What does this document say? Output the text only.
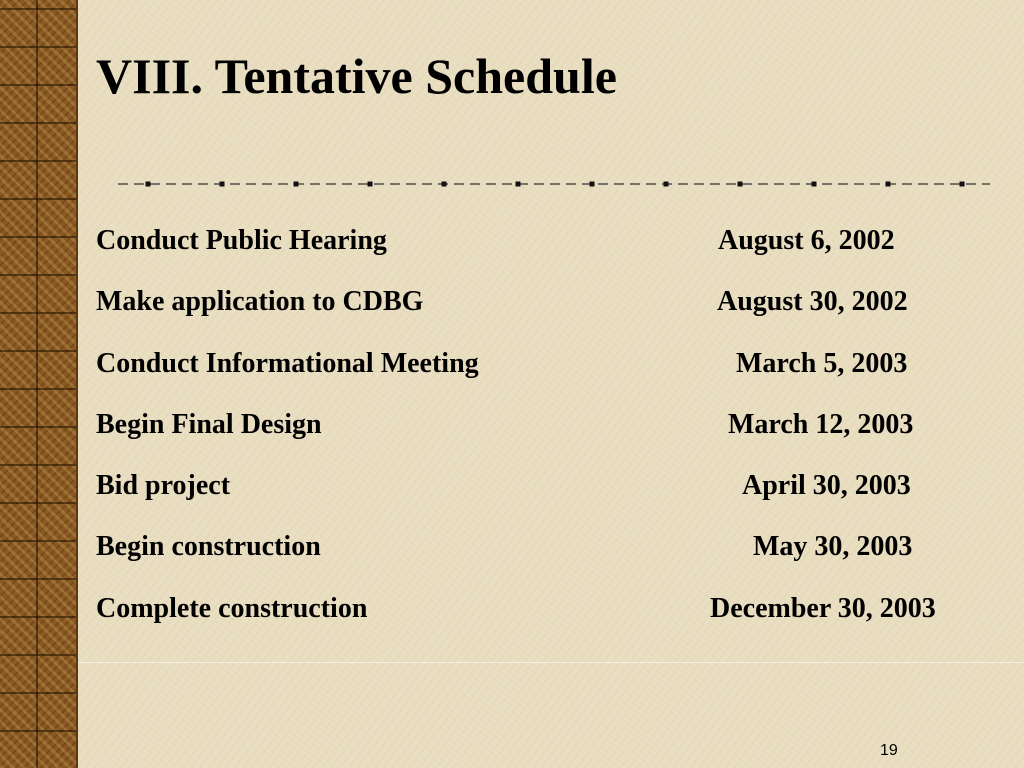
VIII. Tentative Schedule
Conduct Public Hearing	August 6, 2002
Make application to CDBG	August 30, 2002
Conduct Informational Meeting	March 5, 2003
Begin Final Design	March 12, 2003
Bid project	April 30, 2003
Begin construction	May 30, 2003
Complete construction	December 30, 2003
19
